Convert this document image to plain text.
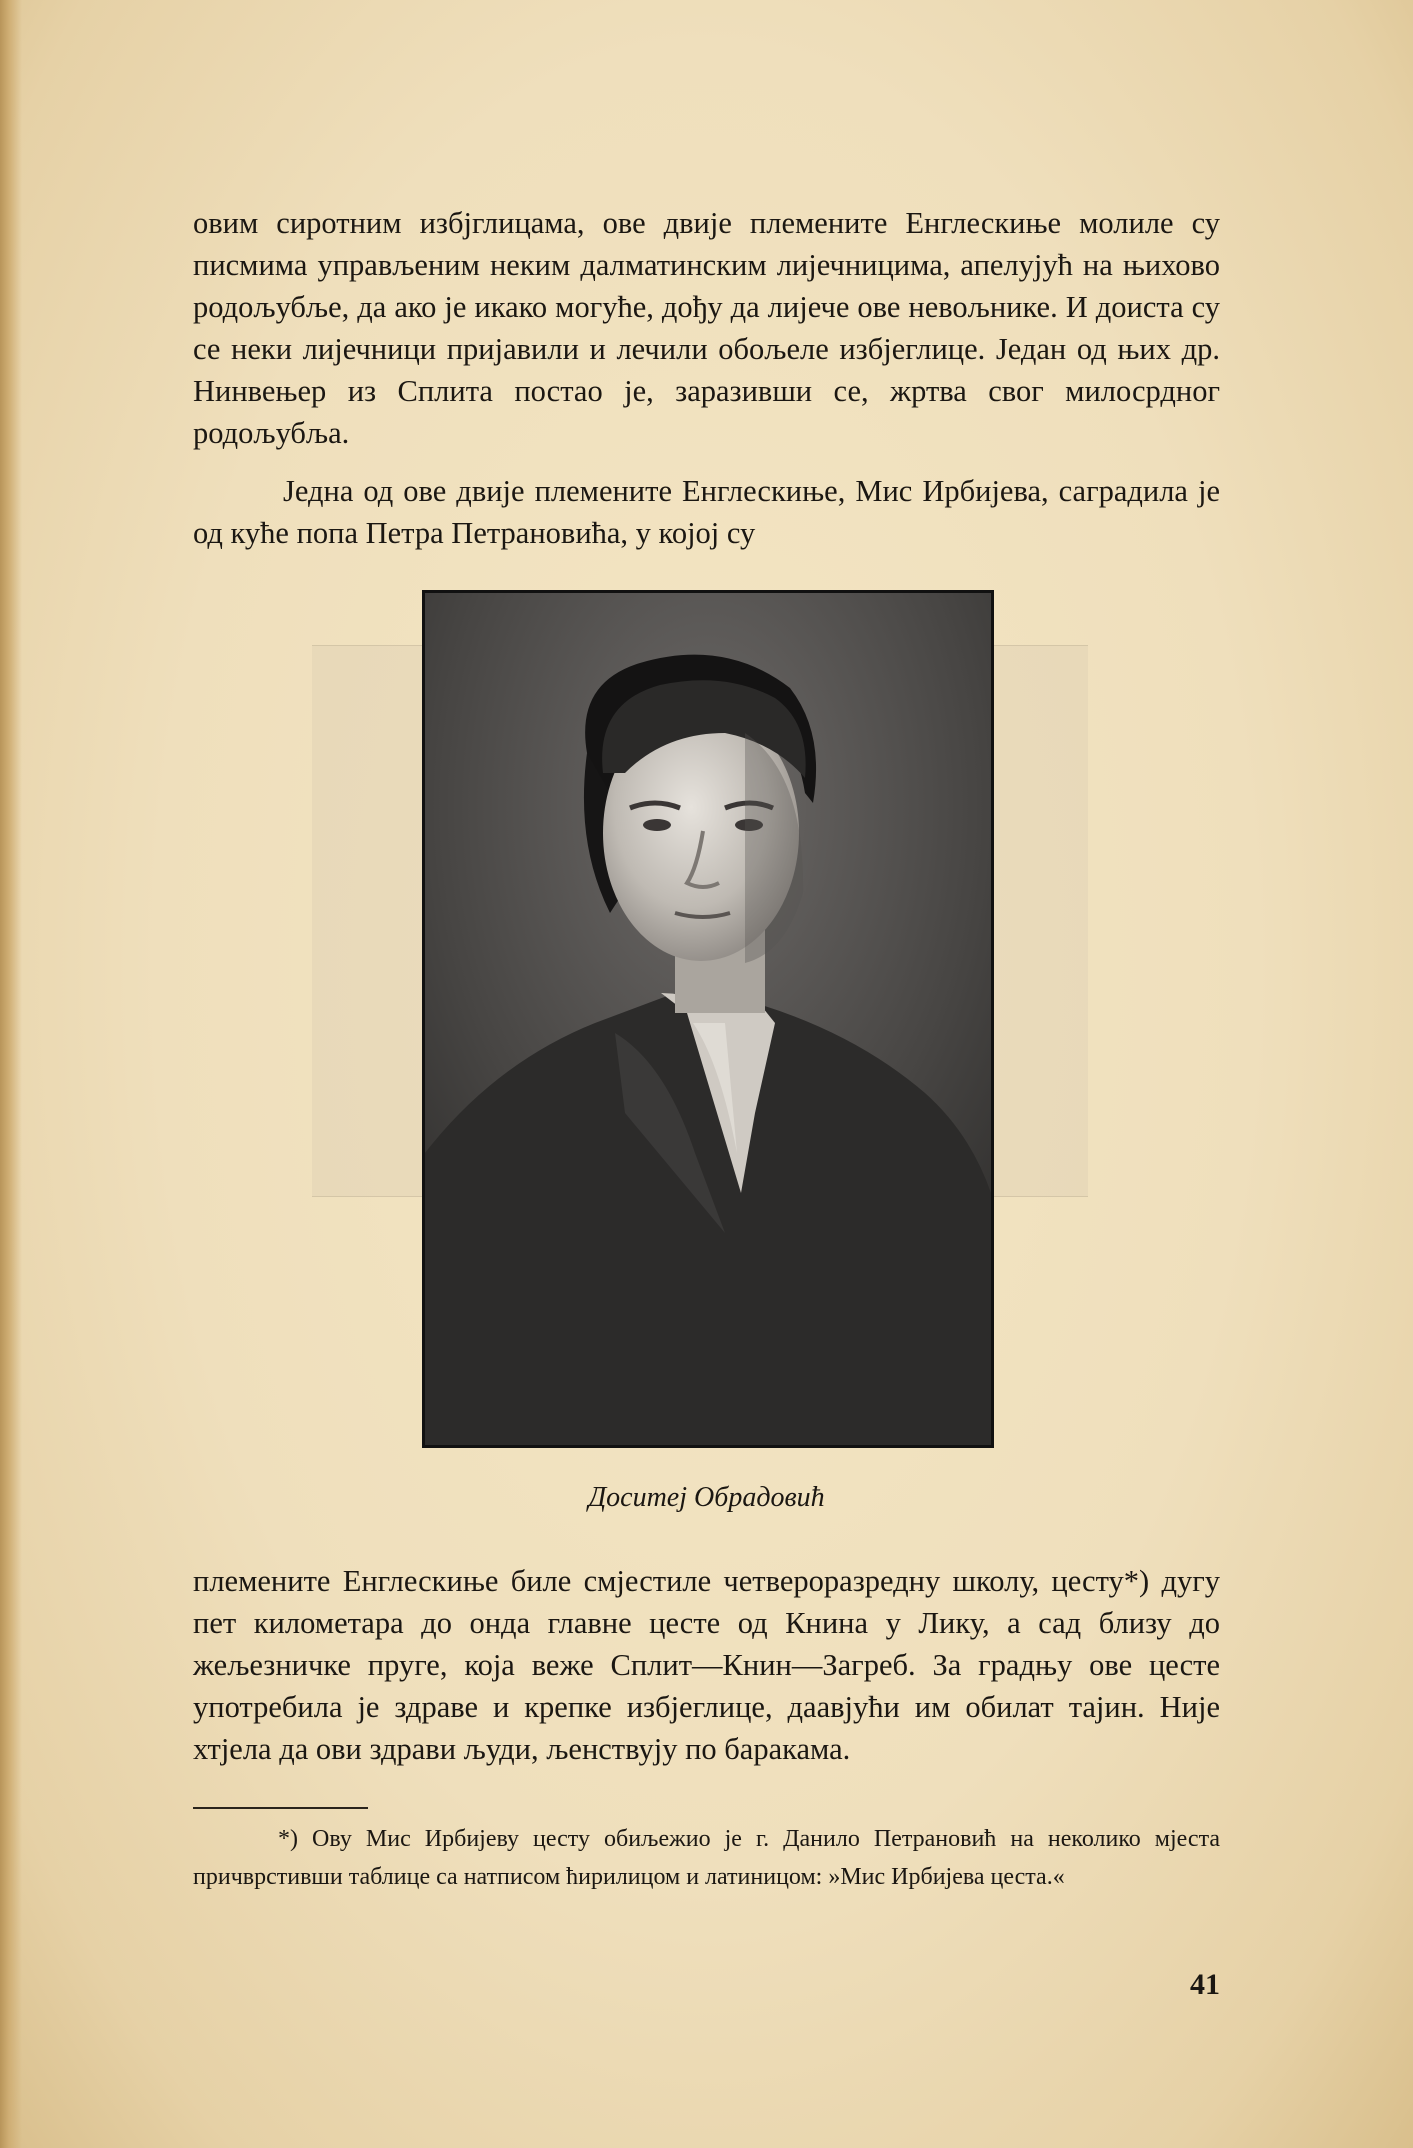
овим сиротним избјглицама, ове двије племените Енглескиње молиле су писмима управљеним неким далматинским лијечницима, апелујућ на њихово родољубље, да ако је икако могуће, дођу да лијече ове невољнике. И доиста су се неки лијечници пријавили и лечили обољеле избјеглице. Један од њих др. Нинвењер из Сплита постао је, заразивши се, жртва свог милосрдног родољубља.

Једна од ове двије племените Енглескиње, Мис Ирбијева, саградила је од куће попа Петра Петрановића, у којој су

Доситеј Обрадовић

племените Енглескиње биле смјестиле четвероразредну школу, цесту*) дугу пет километара до онда главне цесте од Книна у Лику, а сад близу до жељезничке пруге, која веже Сплит—Книн—Загреб. За градњу ове цесте употребила је здраве и крепке избјеглице, даавјући им обилат тајин. Није хтјела да ови здрави људи, љенствују по баракама.

*) Ову Мис Ирбијеву цесту обиљежио је г. Данило Петрановић на неколико мјеста причврстивши таблице са натписом ћирилицом и латиницом: »Мис Ирбијева цеста.«

41
